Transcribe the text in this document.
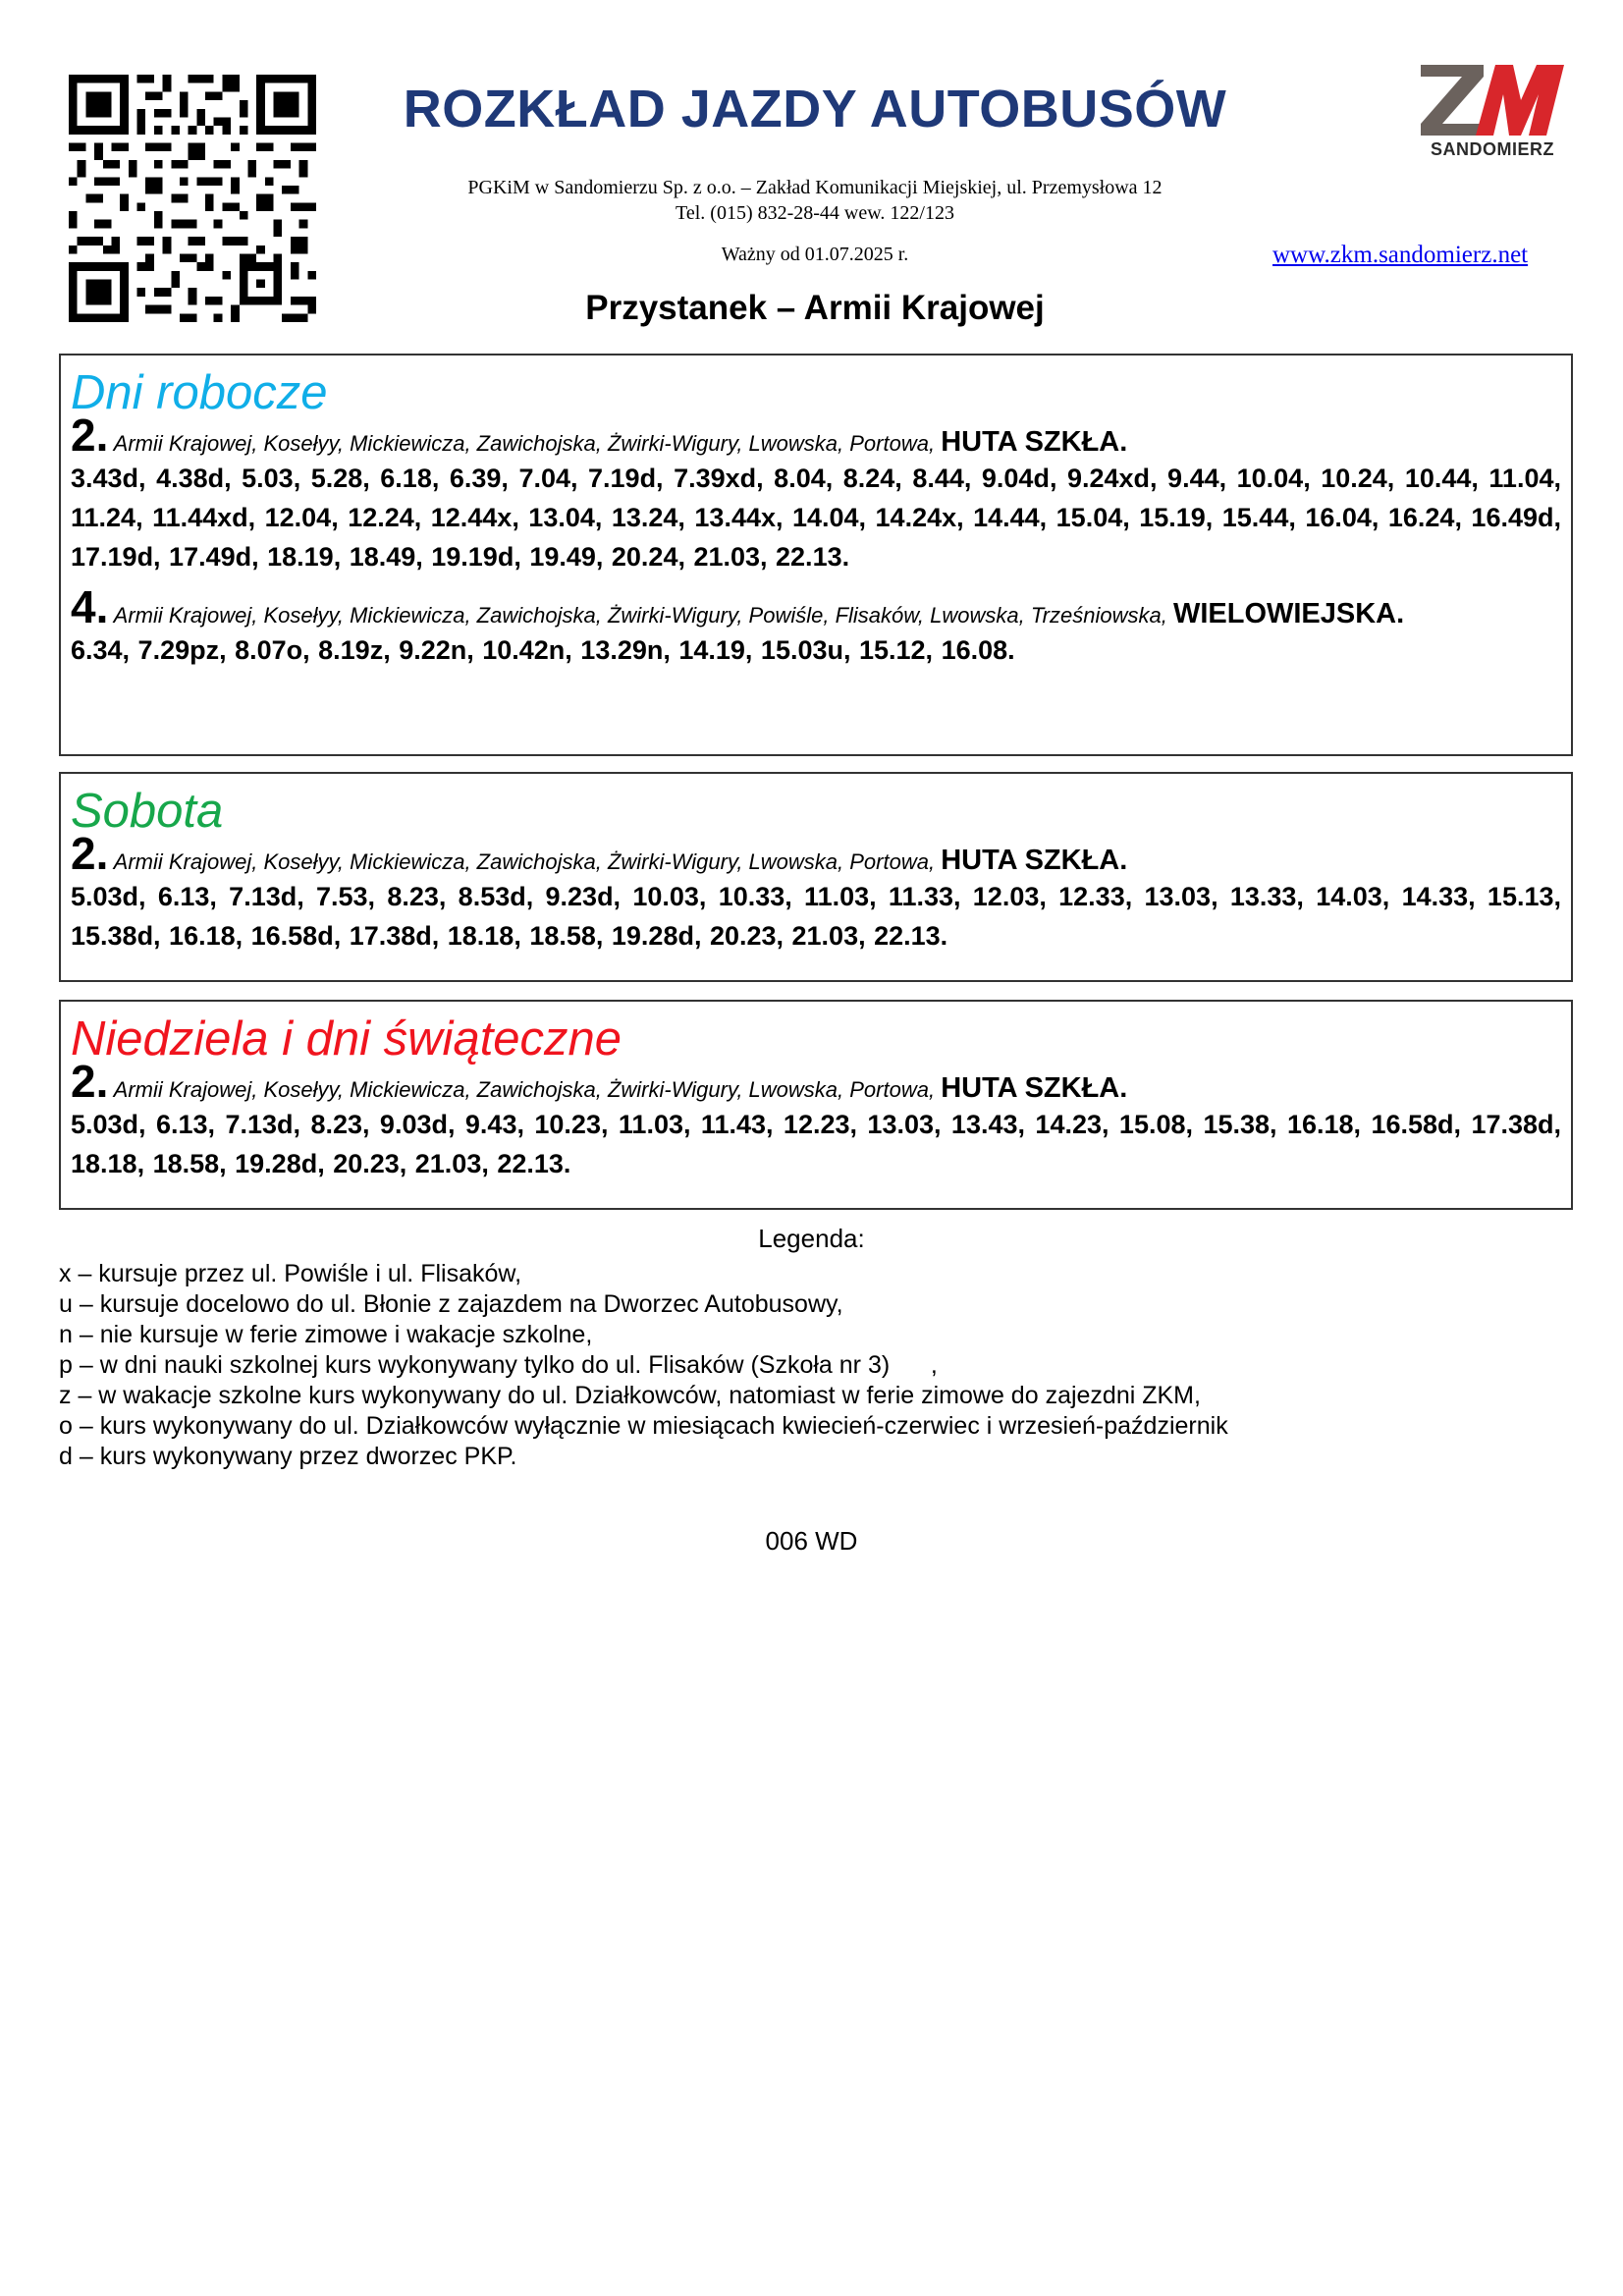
ROZKŁAD JAZDY AUTOBUSÓW
PGKiM w Sandomierzu Sp. z o.o. – Zakład Komunikacji Miejskiej, ul. Przemysłowa 12
Tel. (015) 832-28-44 wew. 122/123
Ważny od 01.07.2025 r.	www.zkm.sandomierz.net
Przystanek – Armii Krajowej
SANDOMIERZ
Dni robocze
2. Armii Krajowej, Kosełyy, Mickiewicza, Zawichojska, Żwirki-Wigury, Lwowska, Portowa, HUTA SZKŁA.
3.43d, 4.38d, 5.03, 5.28, 6.18, 6.39, 7.04, 7.19d, 7.39xd, 8.04, 8.24, 8.44, 9.04d, 9.24xd, 9.44, 10.04, 10.24, 10.44, 11.04, 11.24, 11.44xd, 12.04, 12.24, 12.44x, 13.04, 13.24, 13.44x, 14.04, 14.24x, 14.44, 15.04, 15.19, 15.44, 16.04, 16.24, 16.49d, 17.19d, 17.49d, 18.19, 18.49, 19.19d, 19.49, 20.24, 21.03, 22.13.
4. Armii Krajowej, Kosełyy, Mickiewicza, Zawichojska, Żwirki-Wigury, Powiśle, Flisaków, Lwowska, Trześniowska, WIELOWIEJSKA.
6.34, 7.29pz, 8.07o, 8.19z, 9.22n, 10.42n, 13.29n, 14.19, 15.03u, 15.12, 16.08.
Sobota
2. Armii Krajowej, Kosełyy, Mickiewicza, Zawichojska, Żwirki-Wigury, Lwowska, Portowa, HUTA SZKŁA.
5.03d, 6.13, 7.13d, 7.53, 8.23, 8.53d, 9.23d, 10.03, 10.33, 11.03, 11.33, 12.03, 12.33, 13.03, 13.33, 14.03, 14.33, 15.13, 15.38d, 16.18, 16.58d, 17.38d, 18.18, 18.58, 19.28d, 20.23, 21.03, 22.13.
Niedziela i dni świąteczne
2. Armii Krajowej, Kosełyy, Mickiewicza, Zawichojska, Żwirki-Wigury, Lwowska, Portowa, HUTA SZKŁA.
5.03d, 6.13, 7.13d, 8.23, 9.03d, 9.43, 10.23, 11.03, 11.43, 12.23, 13.03, 13.43, 14.23, 15.08, 15.38, 16.18, 16.58d, 17.38d, 18.18, 18.58, 19.28d, 20.23, 21.03, 22.13.
Legenda:
x – kursuje przez ul. Powiśle i ul. Flisaków,
u – kursuje docelowo do ul. Błonie z zajazdem na Dworzec Autobusowy,
n – nie kursuje w ferie zimowe i wakacje szkolne,
p – w dni nauki szkolnej kurs wykonywany tylko do ul. Flisaków (Szkoła nr 3)      ,
z – w wakacje szkolne kurs wykonywany do ul. Działkowców, natomiast w ferie zimowe do zajezdni ZKM,
o – kurs wykonywany do ul. Działkowców wyłącznie w miesiącach kwiecień-czerwiec i wrzesień-październik
d – kurs wykonywany przez dworzec PKP.
006 WD
